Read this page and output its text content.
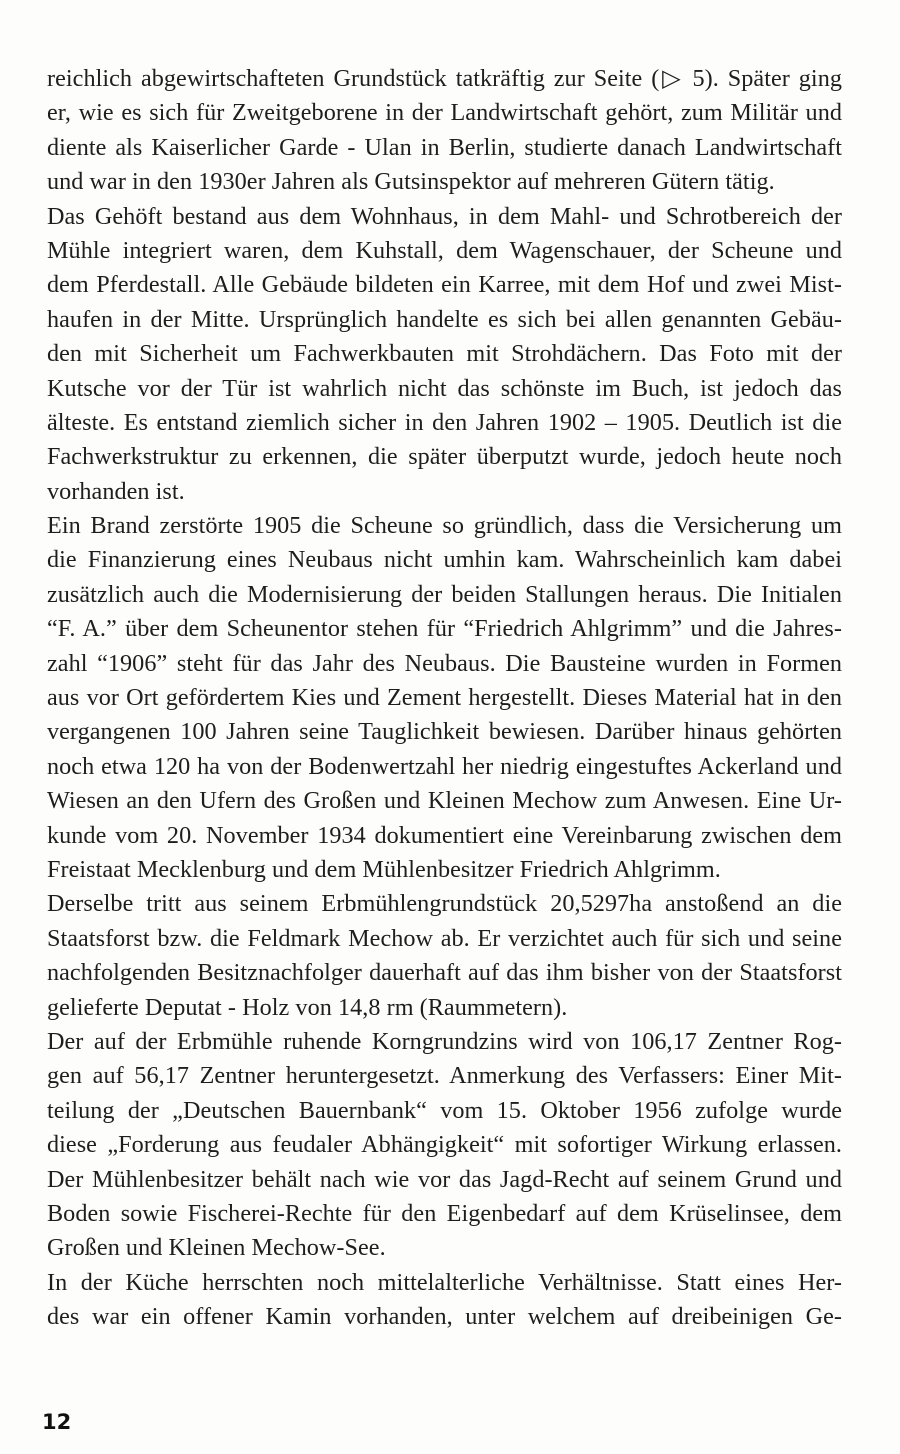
reichlich abgewirtschafteten Grundstück tatkräftig zur Seite (▷ 5). Später ging
er, wie es sich für Zweitgeborene in der Landwirtschaft gehört, zum Militär und
diente als Kaiserlicher Garde - Ulan in Berlin, studierte danach Landwirtschaft
und war in den 1930er Jahren als Gutsinspektor auf mehreren Gütern tätig.
Das Gehöft bestand aus dem Wohnhaus, in dem Mahl- und Schrotbereich der
Mühle integriert waren, dem Kuhstall, dem Wagenschauer, der Scheune und
dem Pferdestall. Alle Gebäude bildeten ein Karree, mit dem Hof und zwei Mist-
haufen in der Mitte. Ursprünglich handelte es sich bei allen genannten Gebäu-
den mit Sicherheit um Fachwerkbauten mit Strohdächern. Das Foto mit der
Kutsche vor der Tür ist wahrlich nicht das schönste im Buch, ist jedoch das
älteste. Es entstand ziemlich sicher in den Jahren 1902 – 1905. Deutlich ist die
Fachwerkstruktur zu erkennen, die später überputzt wurde, jedoch heute noch
vorhanden ist.
Ein Brand zerstörte 1905 die Scheune so gründlich, dass die Versicherung um
die Finanzierung eines Neubaus nicht umhin kam. Wahrscheinlich kam dabei
zusätzlich auch die Modernisierung der beiden Stallungen heraus. Die Initialen
“F. A.” über dem Scheunentor stehen für “Friedrich Ahlgrimm” und die Jahres-
zahl “1906” steht für das Jahr des Neubaus. Die Bausteine wurden in Formen
aus vor Ort gefördertem Kies und Zement hergestellt. Dieses Material hat in den
vergangenen 100 Jahren seine Tauglichkeit bewiesen. Darüber hinaus gehörten
noch etwa 120 ha von der Bodenwertzahl her niedrig eingestuftes Ackerland und
Wiesen an den Ufern des Großen und Kleinen Mechow zum Anwesen. Eine Ur-
kunde vom 20. November 1934 dokumentiert eine Vereinbarung zwischen dem
Freistaat Mecklenburg und dem Mühlenbesitzer Friedrich Ahlgrimm.
Derselbe tritt aus seinem Erbmühlengrundstück 20,5297ha anstoßend an die
Staatsforst bzw. die Feldmark Mechow ab. Er verzichtet auch für sich und seine
nachfolgenden Besitznachfolger dauerhaft auf das ihm bisher von der Staatsforst
gelieferte Deputat - Holz von 14,8 rm (Raummetern).
Der auf der Erbmühle ruhende Korngrundzins wird von 106,17 Zentner Rog-
gen auf 56,17 Zentner heruntergesetzt. Anmerkung des Verfassers: Einer Mit-
teilung der „Deutschen Bauernbank“ vom 15. Oktober 1956 zufolge wurde
diese „Forderung aus feudaler Abhängigkeit“ mit sofortiger Wirkung erlassen.
Der Mühlenbesitzer behält nach wie vor das Jagd-Recht auf seinem Grund und
Boden sowie Fischerei-Rechte für den Eigenbedarf auf dem Krüselinsee, dem
Großen und Kleinen Mechow-See.
In der Küche herrschten noch mittelalterliche Verhältnisse. Statt eines Her-
des war ein offener Kamin vorhanden, unter welchem auf dreibeinigen Ge-
12
